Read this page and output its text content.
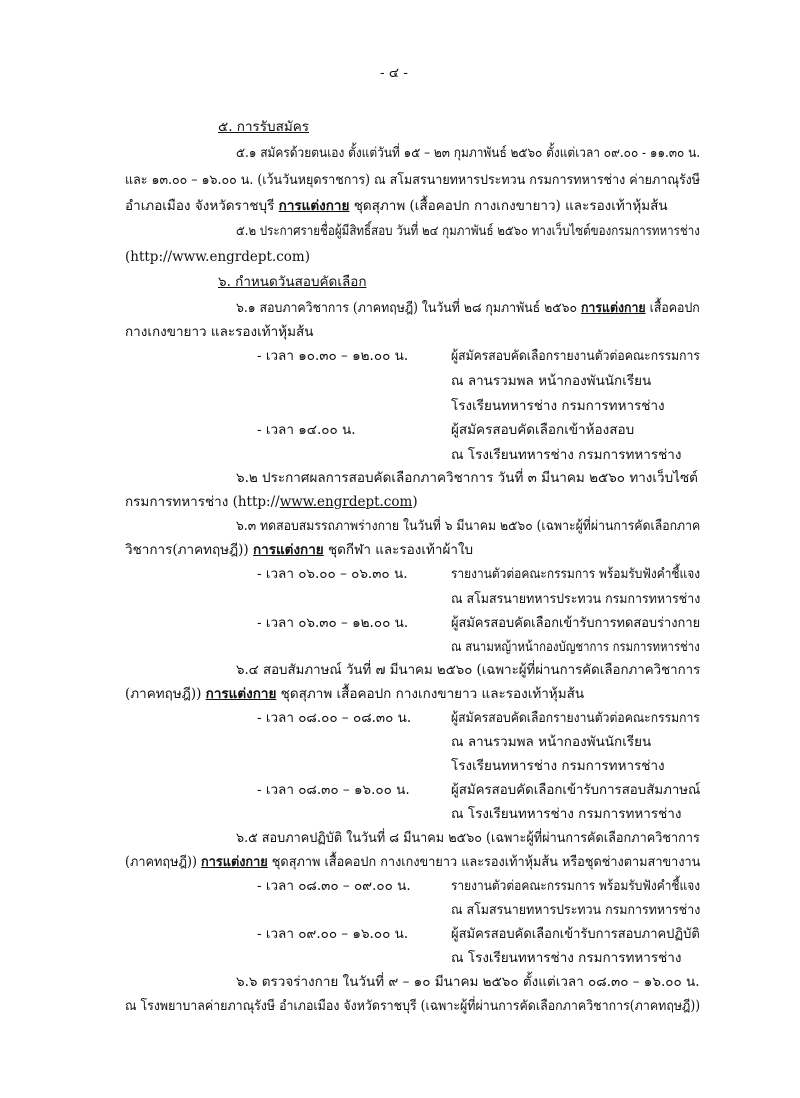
- ๔ -
๕. การรับสมัคร
๕.๑ สมัครด้วยตนเอง ตั้งแต่วันที่ ๑๕ – ๒๓ กุมภาพันธ์ ๒๕๖๐ ตั้งแต่เวลา ๐๙.๐๐ - ๑๑.๓๐ น.
และ ๑๓.๐๐ – ๑๖.๐๐ น. (เว้นวันหยุดราชการ) ณ สโมสรนายทหารประทวน กรมการทหารช่าง ค่ายภาณุรังษี
อำเภอเมือง จังหวัดราชบุรี การแต่งกาย ชุดสุภาพ (เสื้อคอปก กางเกงขายาว) และรองเท้าหุ้มส้น
๕.๒ ประกาศรายชื่อผู้มีสิทธิ์สอบ วันที่ ๒๔ กุมภาพันธ์ ๒๕๖๐ ทางเว็บไซต์ของกรมการทหารช่าง
(http://www.engrdept.com)
๖. กำหนดวันสอบคัดเลือก
๖.๑ สอบภาควิชาการ (ภาคทฤษฎี) ในวันที่ ๒๘ กุมภาพันธ์ ๒๕๖๐ การแต่งกาย เสื้อคอปก
กางเกงขายาว และรองเท้าหุ้มส้น
- เวลา ๑๐.๓๐ – ๑๒.๐๐ น.	ผู้สมัครสอบคัดเลือกรายงานตัวต่อคณะกรรมการ
ณ ลานรวมพล หน้ากองพันนักเรียน
โรงเรียนทหารช่าง กรมการทหารช่าง
- เวลา ๑๔.๐๐ น.	ผู้สมัครสอบคัดเลือกเข้าห้องสอบ
ณ โรงเรียนทหารช่าง กรมการทหารช่าง
๖.๒ ประกาศผลการสอบคัดเลือกภาควิชาการ วันที่ ๓ มีนาคม ๒๕๖๐ ทางเว็บไซต์
กรมการทหารช่าง (http://www.engrdept.com)
๖.๓ ทดสอบสมรรถภาพร่างกาย ในวันที่ ๖ มีนาคม ๒๕๖๐ (เฉพาะผู้ที่ผ่านการคัดเลือกภาค
วิชาการ(ภาคทฤษฎี)) การแต่งกาย ชุดกีฬา และรองเท้าผ้าใบ
- เวลา ๐๖.๐๐ – ๐๖.๓๐ น.	รายงานตัวต่อคณะกรรมการ พร้อมรับฟังคำชี้แจง
ณ สโมสรนายทหารประทวน กรมการทหารช่าง
- เวลา ๐๖.๓๐ – ๑๒.๐๐ น.	ผู้สมัครสอบคัดเลือกเข้ารับการทดสอบร่างกาย
ณ สนามหญ้าหน้ากองบัญชาการ กรมการทหารช่าง
๖.๔ สอบสัมภาษณ์ วันที่ ๗ มีนาคม ๒๕๖๐ (เฉพาะผู้ที่ผ่านการคัดเลือกภาควิชาการ
(ภาคทฤษฎี)) การแต่งกาย ชุดสุภาพ เสื้อคอปก กางเกงขายาว และรองเท้าหุ้มส้น
- เวลา ๐๘.๐๐ – ๐๘.๓๐ น.	ผู้สมัครสอบคัดเลือกรายงานตัวต่อคณะกรรมการ
ณ ลานรวมพล หน้ากองพันนักเรียน
โรงเรียนทหารช่าง กรมการทหารช่าง
- เวลา ๐๘.๓๐ – ๑๖.๐๐ น.	ผู้สมัครสอบคัดเลือกเข้ารับการสอบสัมภาษณ์
ณ โรงเรียนทหารช่าง กรมการทหารช่าง
๖.๕ สอบภาคปฏิบัติ ในวันที่ ๘ มีนาคม ๒๕๖๐ (เฉพาะผู้ที่ผ่านการคัดเลือกภาควิชาการ
(ภาคทฤษฎี)) การแต่งกาย ชุดสุภาพ เสื้อคอปก กางเกงขายาว และรองเท้าหุ้มส้น หรือชุดช่างตามสาขางาน
- เวลา ๐๘.๓๐ – ๐๙.๐๐ น.	รายงานตัวต่อคณะกรรมการ พร้อมรับฟังคำชี้แจง
ณ สโมสรนายทหารประทวน กรมการทหารช่าง
- เวลา ๐๙.๐๐ – ๑๖.๐๐ น.	ผู้สมัครสอบคัดเลือกเข้ารับการสอบภาคปฏิบัติ
ณ โรงเรียนทหารช่าง กรมการทหารช่าง
๖.๖ ตรวจร่างกาย ในวันที่ ๙ – ๑๐ มีนาคม ๒๕๖๐ ตั้งแต่เวลา ๐๘.๓๐ – ๑๖.๐๐ น.
ณ โรงพยาบาลค่ายภาณุรังษี อำเภอเมือง จังหวัดราชบุรี (เฉพาะผู้ที่ผ่านการคัดเลือกภาควิชาการ(ภาคทฤษฎี))
